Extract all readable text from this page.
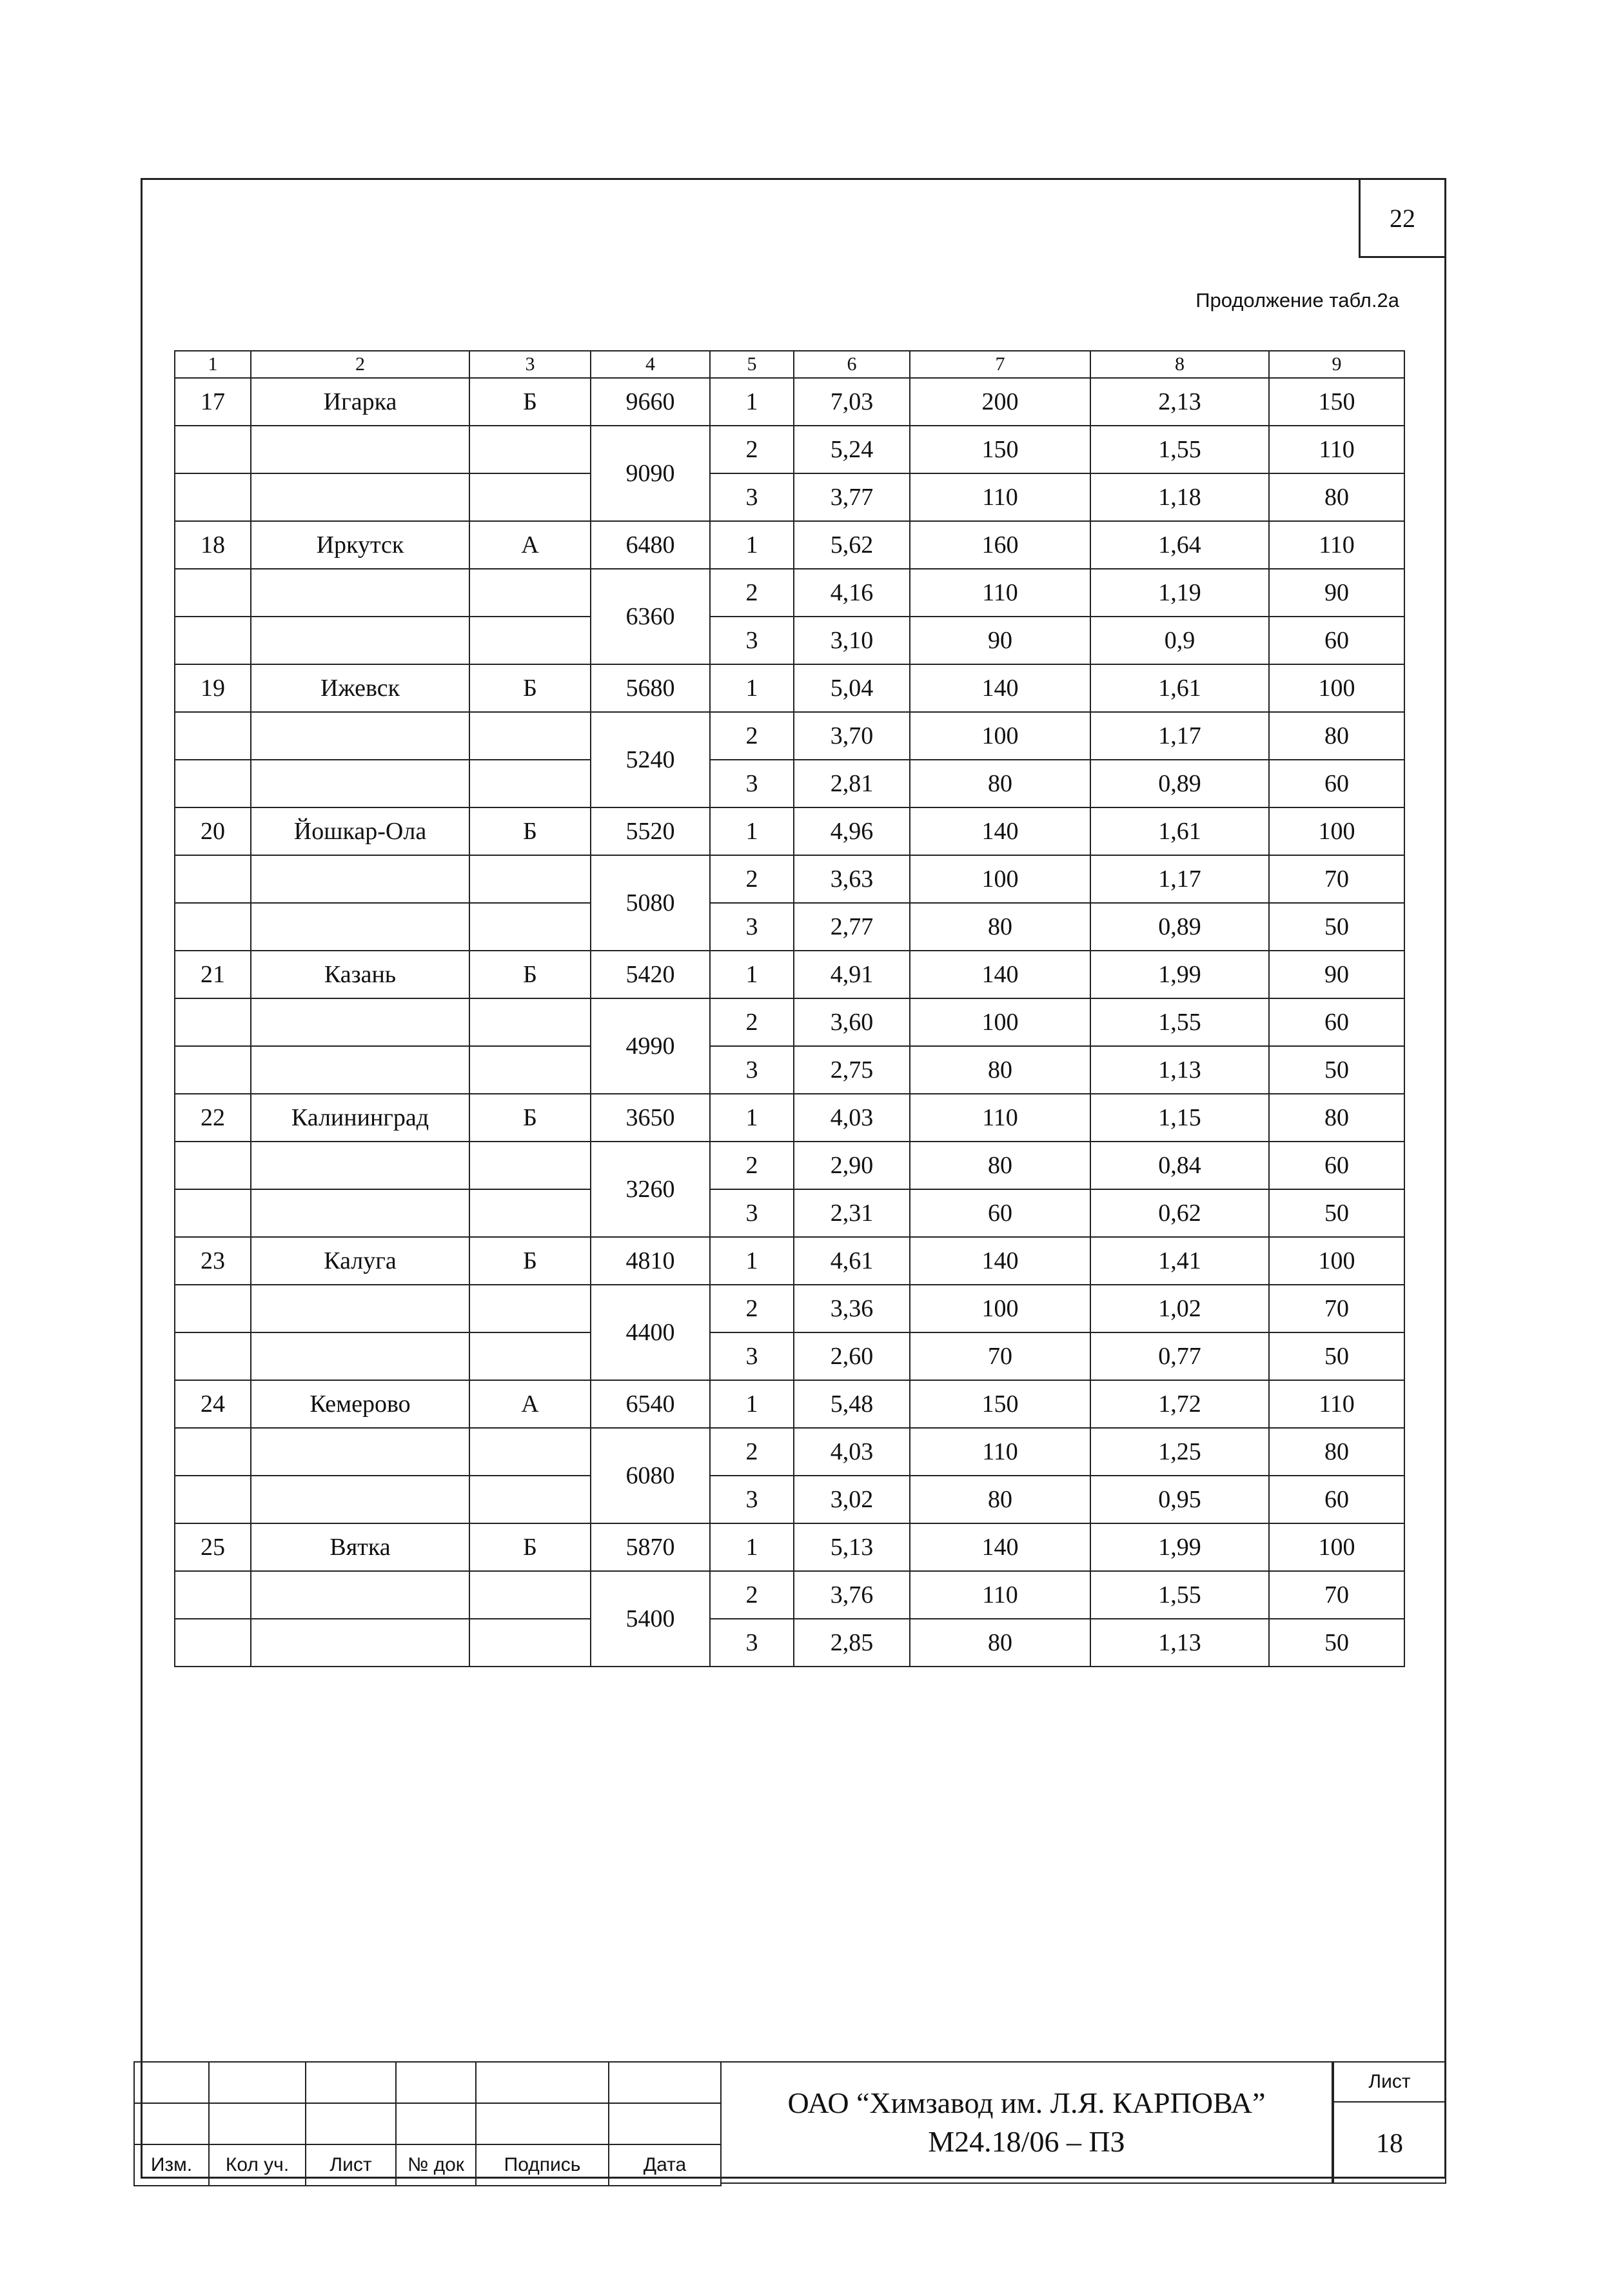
22
Продолжение табл.2а
1	2	3	4	5	6	7	8	9
17	Игарка	Б	9660	1	7,03	200	2,13	150
			9090	2	5,24	150	1,55	110
				3	3,77	110	1,18	80
18	Иркутск	А	6480	1	5,62	160	1,64	110
			6360	2	4,16	110	1,19	90
				3	3,10	90	0,9	60
19	Ижевск	Б	5680	1	5,04	140	1,61	100
			5240	2	3,70	100	1,17	80
				3	2,81	80	0,89	60
20	Йошкар-Ола	Б	5520	1	4,96	140	1,61	100
			5080	2	3,63	100	1,17	70
				3	2,77	80	0,89	50
21	Казань	Б	5420	1	4,91	140	1,99	90
			4990	2	3,60	100	1,55	60
				3	2,75	80	1,13	50
22	Калининград	Б	3650	1	4,03	110	1,15	80
			3260	2	2,90	80	0,84	60
				3	2,31	60	0,62	50
23	Калуга	Б	4810	1	4,61	140	1,41	100
			4400	2	3,36	100	1,02	70
				3	2,60	70	0,77	50
24	Кемерово	А	6540	1	5,48	150	1,72	110
			6080	2	4,03	110	1,25	80
				3	3,02	80	0,95	60
25	Вятка	Б	5870	1	5,13	140	1,99	100
			5400	2	3,76	110	1,55	70
				3	2,85	80	1,13	50

Изм.	Кол уч.	Лист	№ док	Подпись	Дата
ОАО “Химзавод им. Л.Я. КАРПОВА”
М24.18/06 – ПЗ
Лист
18
